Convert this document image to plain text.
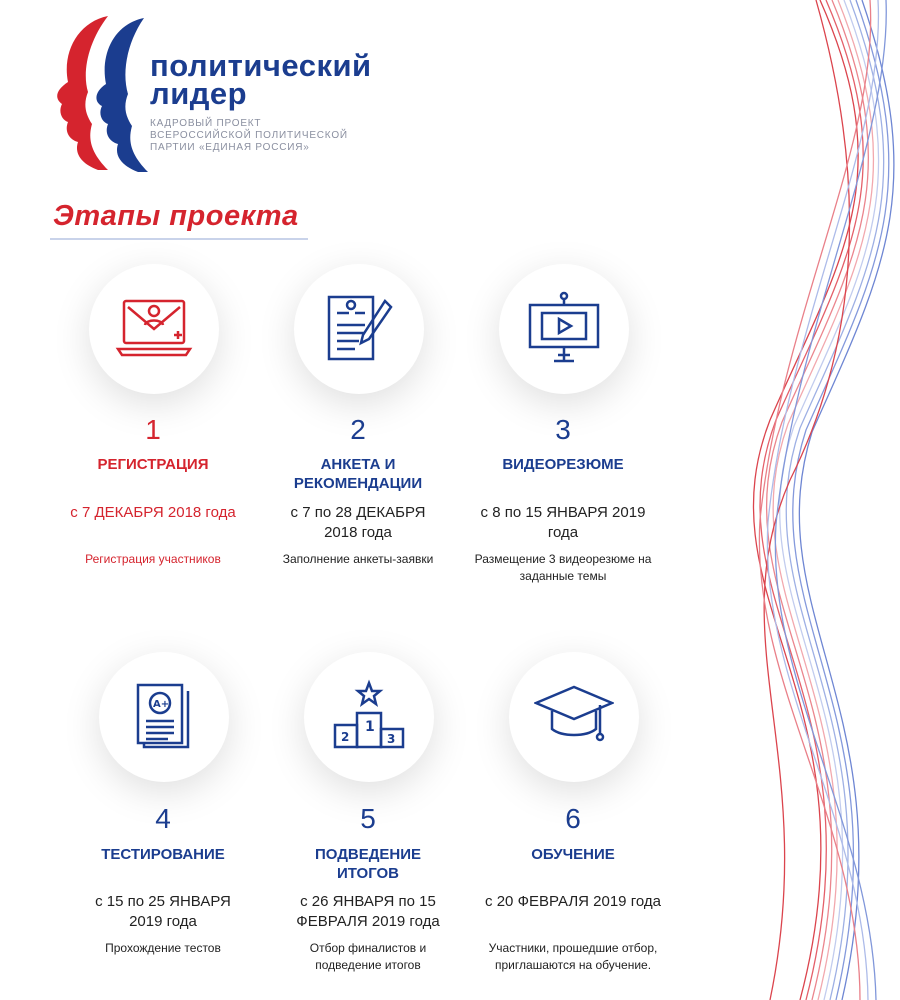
политический
лидер
КАДРОВЫЙ ПРОЕКТ
ВСЕРОССИЙСКОЙ ПОЛИТИЧЕСКОЙ
ПАРТИИ «ЕДИНАЯ РОССИЯ»
Этапы проекта
1
РЕГИСТРАЦИЯ
с 7 ДЕКАБРЯ 2018 года
Регистрация участников
2
АНКЕТА И РЕКОМЕНДАЦИИ
с 7 по 28 ДЕКАБРЯ 2018 года
Заполнение анкеты-заявки
3
ВИДЕОРЕЗЮМЕ
с 8 по 15 ЯНВАРЯ 2019 года
Размещение 3 видеорезюме на заданные темы
A+
4
ТЕСТИРОВАНИЕ
с 15 по 25 ЯНВАРЯ 2019 года
Прохождение тестов
1
2	3
5
ПОДВЕДЕНИЕ ИТОГОВ
с 26 ЯНВАРЯ по 15 ФЕВРАЛЯ 2019 года
Отбор финалистов и подведение итогов
6
ОБУЧЕНИЕ
с 20 ФЕВРАЛЯ 2019 года
Участники, прошедшие отбор, приглашаются на обучение.
